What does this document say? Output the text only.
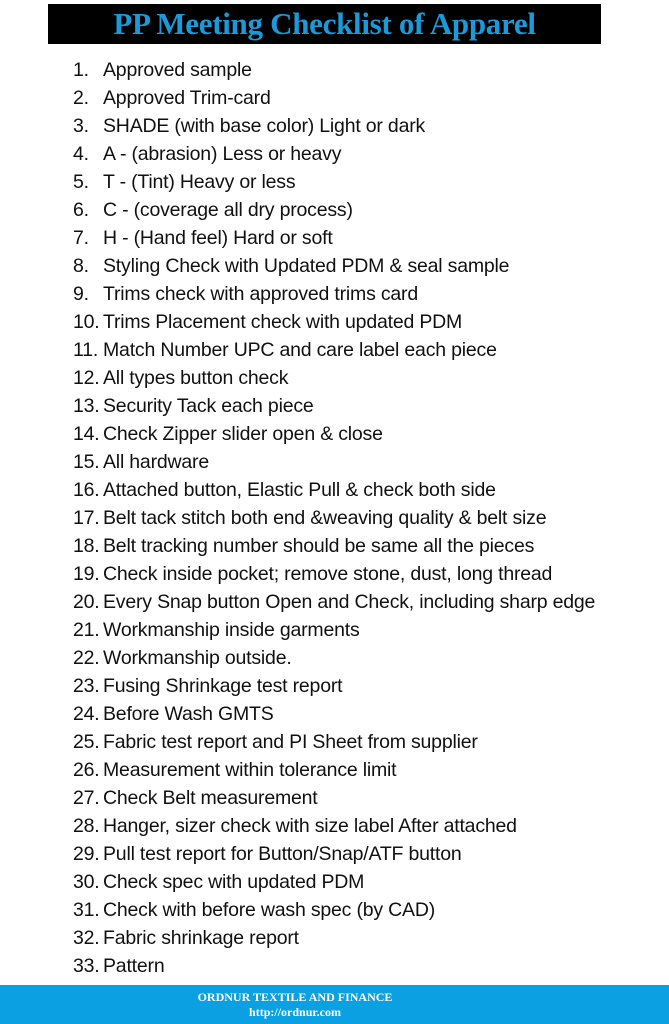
PP Meeting Checklist of Apparel
1. Approved sample
2. Approved Trim-card
3. SHADE (with base color) Light or dark
4. A - (abrasion) Less or heavy
5. T - (Tint) Heavy or less
6. C - (coverage all dry process)
7. H - (Hand feel) Hard or soft
8. Styling Check with Updated PDM & seal sample
9. Trims check with approved trims card
10. Trims Placement check with updated PDM
11. Match Number UPC and care label each piece
12. All types button check
13. Security Tack each piece
14. Check Zipper slider open & close
15. All hardware
16. Attached button, Elastic Pull & check both side
17. Belt tack stitch both end &weaving quality & belt size
18. Belt tracking number should be same all the pieces
19. Check inside pocket; remove stone, dust, long thread
20. Every Snap button Open and Check, including sharp edge
21. Workmanship inside garments
22. Workmanship outside.
23. Fusing Shrinkage test report
24. Before Wash GMTS
25. Fabric test report and PI Sheet from supplier
26. Measurement within tolerance limit
27. Check Belt measurement
28. Hanger, sizer check with size label After attached
29. Pull test report for Button/Snap/ATF button
30. Check spec with updated PDM
31. Check with before wash spec (by CAD)
32. Fabric shrinkage report
33. Pattern
ORDNUR TEXTILE AND FINANCE
http://ordnur.com
